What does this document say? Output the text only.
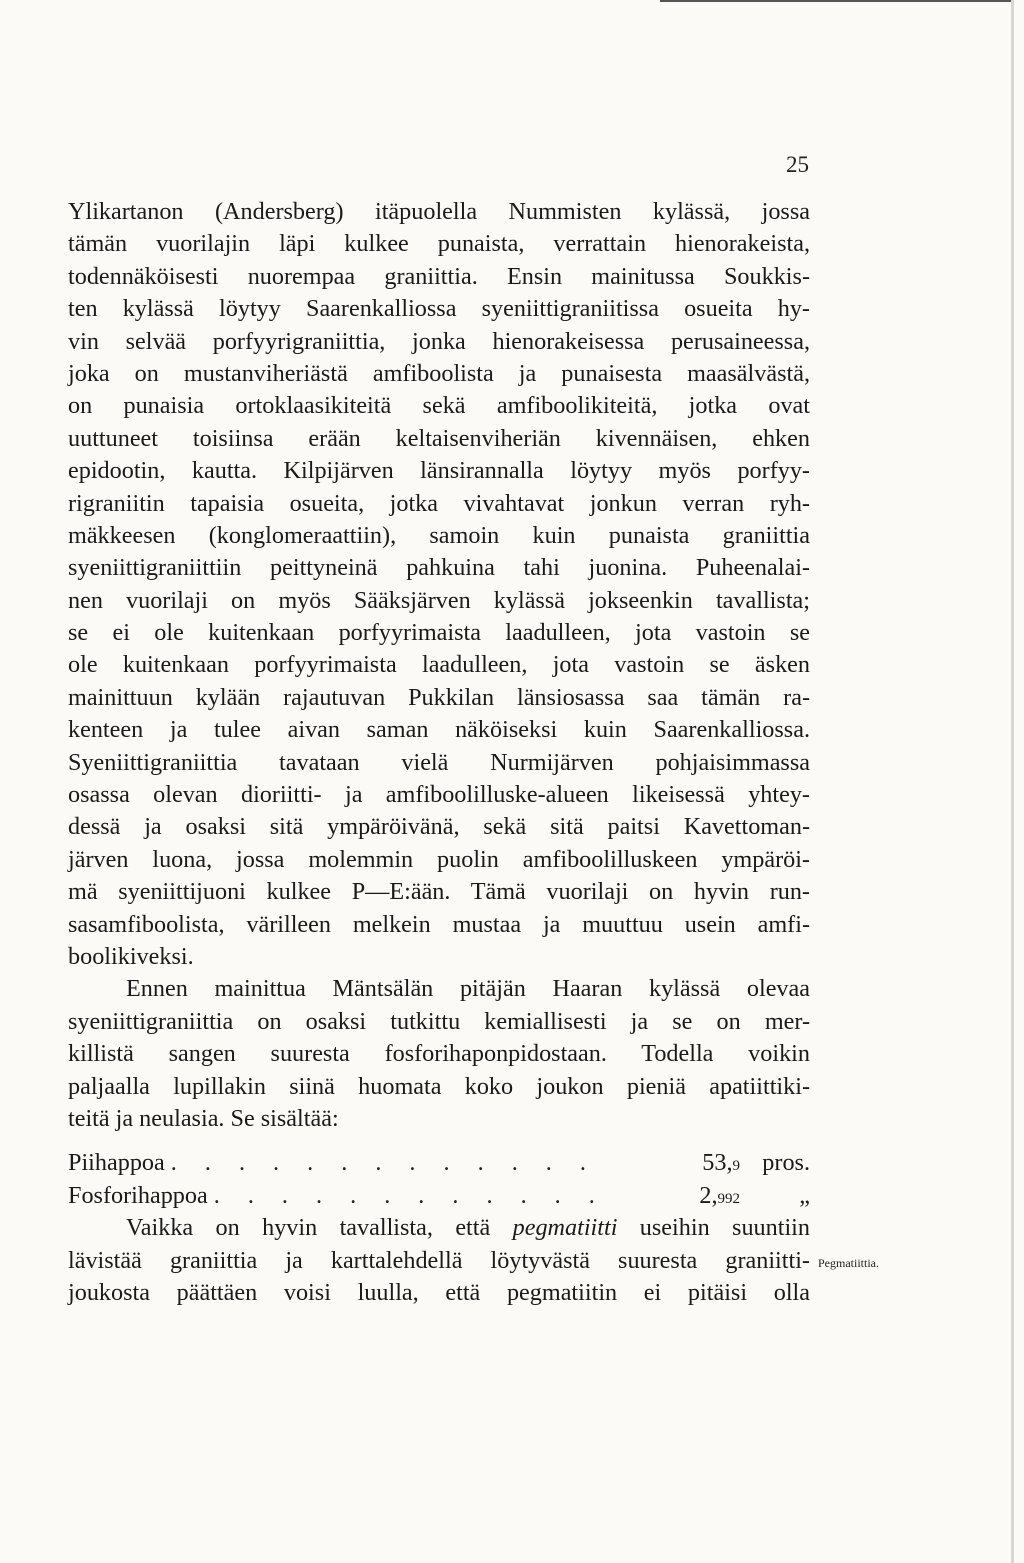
25
Ylikartanon (Andersberg) itäpuolella Nummisten kylässä, jossa
tämän vuorilajin läpi kulkee punaista, verrattain hienorakeista,
todennäköisesti nuorempaa graniittia. Ensin mainitussa Soukkis-
ten kylässä löytyy Saarenkalliossa syeniittigraniitissa osueita hy-
vin selvää porfyyrigraniittia, jonka hienorakeisessa perusaineessa,
joka on mustanviheriästä amfiboolista ja punaisesta maasälvästä,
on punaisia ortoklaasikiteitä sekä amfiboolikiteitä, jotka ovat
uuttuneet toisiinsa erään keltaisenviheriän kivennäisen, ehken
epidootin, kautta. Kilpijärven länsirannalla löytyy myös porfyy-
rigraniitin tapaisia osueita, jotka vivahtavat jonkun verran ryh-
mäkkeesen (konglomeraattiin), samoin kuin punaista graniittia
syeniittigraniittiin peittyneinä pahkuina tahi juonina. Puheenalai-
nen vuorilaji on myös Sääksjärven kylässä jokseenkin tavallista;
se ei ole kuitenkaan porfyyrimaista laadulleen, jota vastoin se
ole kuitenkaan porfyyrimaista laadulleen, jota vastoin se äsken
mainittuun kylään rajautuvan Pukkilan länsiosassa saa tämän ra-
kenteen ja tulee aivan saman näköiseksi kuin Saarenkalliossa.
Syeniittigraniittia tavataan vielä Nurmijärven pohjaisimmassa
osassa olevan dioriitti- ja amfiboolilluske-alueen likeisessä yhtey-
dessä ja osaksi sitä ympäröivänä, sekä sitä paitsi Kavettoman-
järven luona, jossa molemmin puolin amfiboolilluskeen ympäröi-
mä syeniittijuoni kulkee P—E:ään. Tämä vuorilaji on hyvin run-
sasamfiboolista, värilleen melkein mustaa ja muuttuu usein amfi-
boolikiveksi.
Ennen mainittua Mäntsälän pitäjän Haaran kylässä olevaa
syeniittigraniittia on osaksi tutkittu kemiallisesti ja se on mer-
killistä sangen suuresta fosforihaponpidostaan. Todella voikin
paljaalla lupillakin siinä huomata koko joukon pieniä apatiittiki-
teitä ja neulasia. Se sisältää:
Piihappoa . . . . . . . . . . . . .	53,9 pros.
Fosforihappoa . . . . . . . . . . . .	2,992	„
Vaikka on hyvin tavallista, että pegmatiitti useihin suuntiin
lävistää graniittia ja karttalehdellä löytyvästä suuresta graniitti-
joukosta päättäen voisi luulla, että pegmatiitin ei pitäisi olla
Pegmatiittia.
